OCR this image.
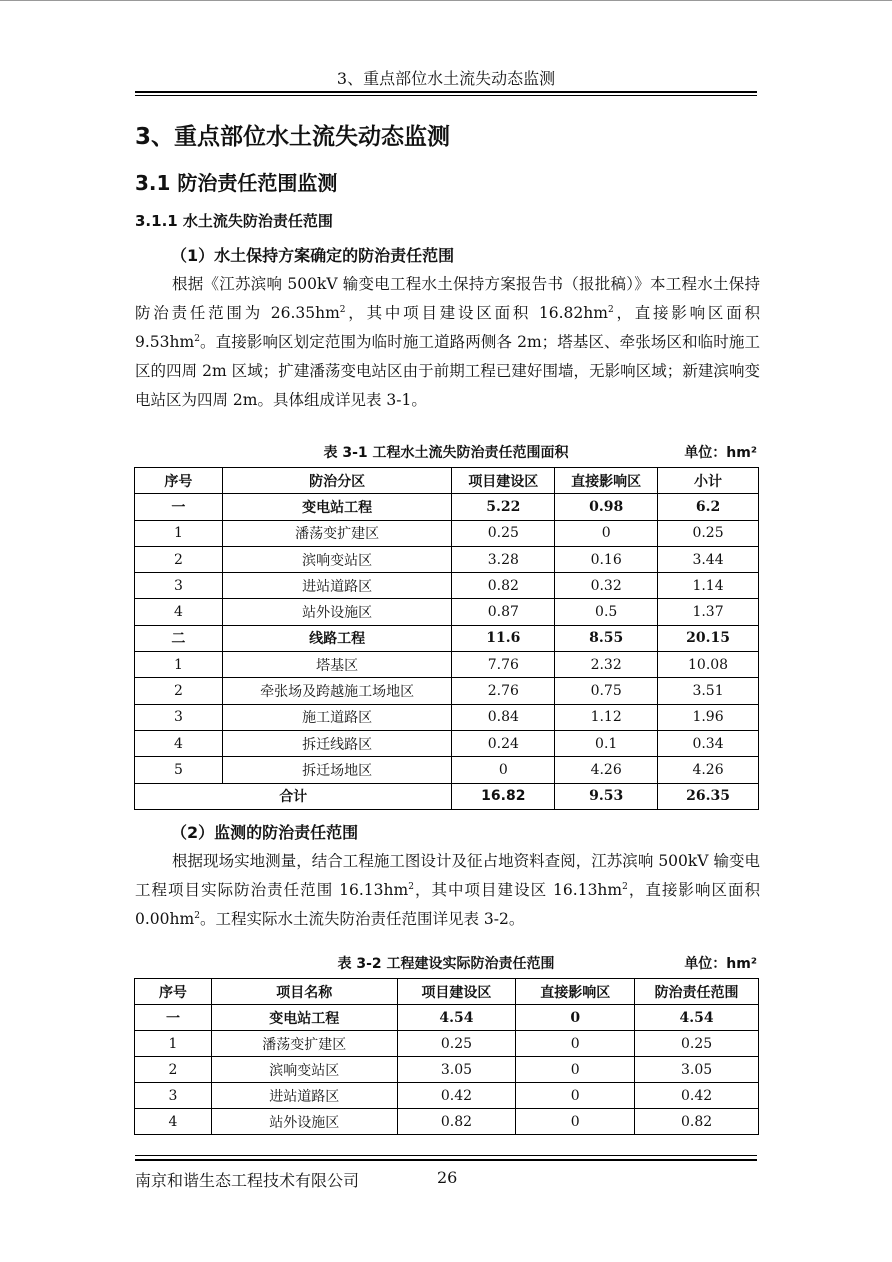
3、重点部位水土流失动态监测
3、重点部位水土流失动态监测
3.1 防治责任范围监测
3.1.1 水土流失防治责任范围
（1）水土保持方案确定的防治责任范围
根据《江苏滨响 500kV 输变电工程水土保持方案报告书（报批稿）》本工程水土保持防治责任范围为 $26.35hm^2$，其中项目建设区面积 $16.82hm^2$，直接影响区面积 $9.53hm^2$。直接影响区划定范围为临时施工道路两侧各 2m；塔基区、牵张场区和临时施工区的四周 2m 区域；扩建潘荡变电站区由于前期工程已建好围墙，无影响区域；新建滨响变电站区为四周 2m。具体组成详见表 3-1。
表 3-1 工程水土流失防治责任范围面积	单位：hm²
序号	防治分区	项目建设区	直接影响区	小计
一	变电站工程	5.22	0.98	6.2
1	潘荡变扩建区	0.25	0	0.25
2	滨响变站区	3.28	0.16	3.44
3	进站道路区	0.82	0.32	1.14
4	站外设施区	0.87	0.5	1.37
二	线路工程	11.6	8.55	20.15
1	塔基区	7.76	2.32	10.08
2	牵张场及跨越施工场地区	2.76	0.75	3.51
3	施工道路区	0.84	1.12	1.96
4	拆迁线路区	0.24	0.1	0.34
5	拆迁场地区	0	4.26	4.26
合计		16.82	9.53	26.35
（2）监测的防治责任范围
根据现场实地测量，结合工程施工图设计及征占地资料查阅，江苏滨响 500kV 输变电工程项目实际防治责任范围 $16.13hm^2$，其中项目建设区 $16.13hm^2$，直接影响区面积 $0.00hm^2$。工程实际水土流失防治责任范围详见表 3-2。
表 3-2 工程建设实际防治责任范围	单位：hm²
序号	项目名称	项目建设区	直接影响区	防治责任范围
一	变电站工程	4.54	0	4.54
1	潘荡变扩建区	0.25	0	0.25
2	滨响变站区	3.05	0	3.05
3	进站道路区	0.42	0	0.42
4	站外设施区	0.82	0	0.82
南京和谐生态工程技术有限公司	26
